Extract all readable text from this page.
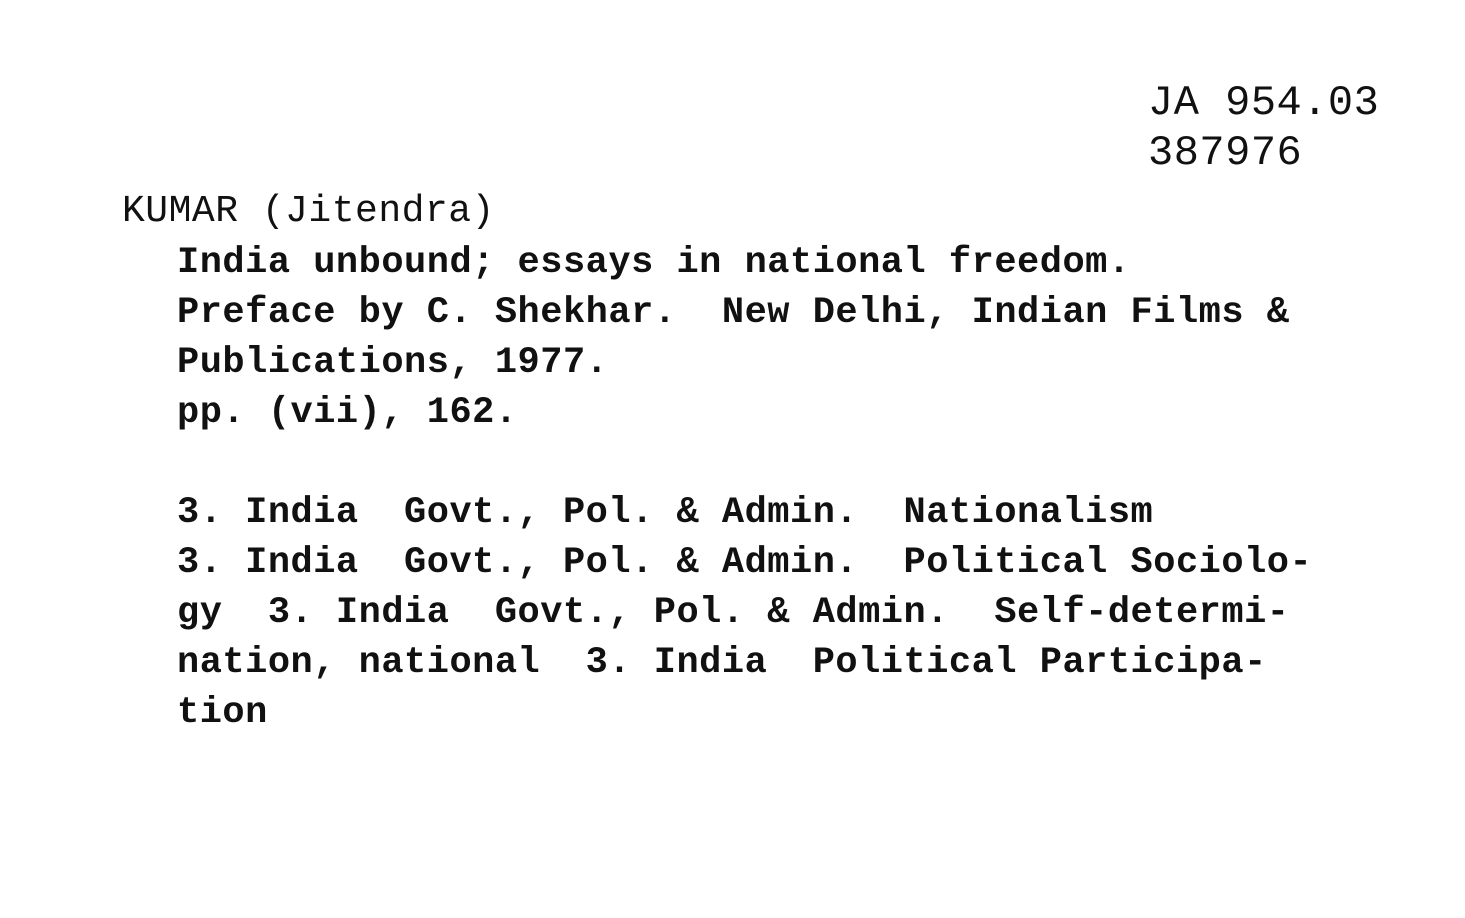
JA 954.03
387976
KUMAR (Jitendra)
India unbound; essays in national freedom.
Preface by C. Shekhar.  New Delhi, Indian Films &
Publications, 1977.
pp. (vii), 162.
3. India  Govt., Pol. & Admin.  Nationalism
3. India  Govt., Pol. & Admin.  Political Sociolo-
gy  3. India  Govt., Pol. & Admin.  Self-determi-
nation, national  3. India  Political Participa-
tion
